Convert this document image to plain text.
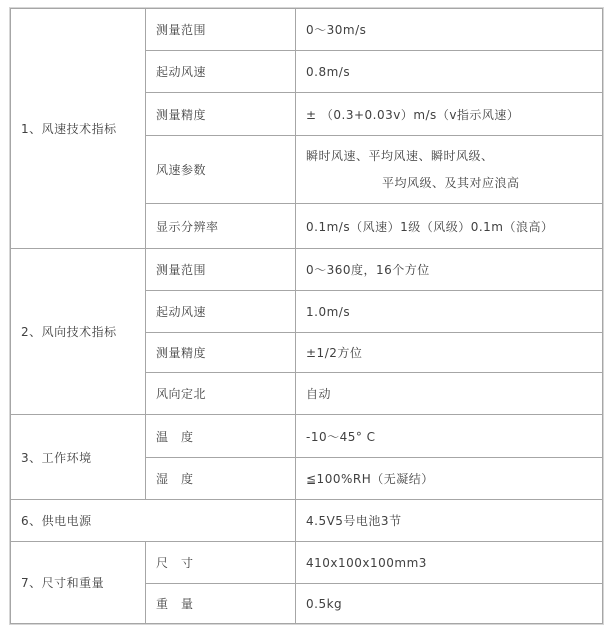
1、风速技术指标	测量范围	0～30m/s
	起动风速	0.8m/s
	测量精度	± （0.3+0.03v）m/s（v指示风速）
	风速参数	瞬时风速、平均风速、瞬时风级、
平均风级、及其对应浪高

	显示分辨率	0.1m/s（风速）1级（风级）0.1m（浪高）
2、风向技术指标	测量范围	0～360度，16个方位
	起动风速	1.0m/s
	测量精度	±1/2方位
	风向定北	自动
3、工作环境	温　度	-10～45° C
	湿　度	≦100%RH（无凝结）
6、供电电源		4.5V5号电池3节
7、尺寸和重量	尺　寸	410x100x100mm3
	重　量	0.5kg
